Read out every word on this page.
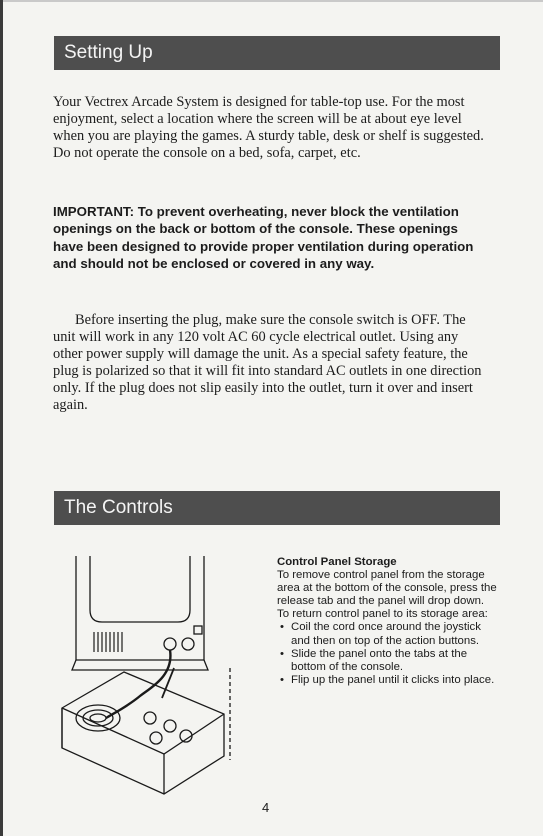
Setting Up

Your Vectrex Arcade System is designed for table-top use. For the most enjoyment, select a location where the screen will be at about eye level when you are playing the games. A sturdy table, desk or shelf is suggested. Do not operate the console on a bed, sofa, carpet, etc.

IMPORTANT: To prevent overheating, never block the ventilation openings on the back or bottom of the console. These openings have been designed to provide proper ventilation during operation and should not be enclosed or covered in any way.

Before inserting the plug, make sure the console switch is OFF. The unit will work in any 120 volt AC 60 cycle electrical outlet. Using any other power supply will damage the unit. As a special safety feature, the plug is polarized so that it will fit into standard AC outlets in one direction only. If the plug does not slip easily into the outlet, turn it over and insert again.

The Controls

Control Panel Storage

To remove control panel from the storage area at the bottom of the console, press the release tab and the panel will drop down.

To return control panel to its storage area:

• Coil the cord once around the joystick and then on top of the action buttons.
• Slide the panel onto the tabs at the bottom of the console.
• Flip up the panel until it clicks into place.
4
